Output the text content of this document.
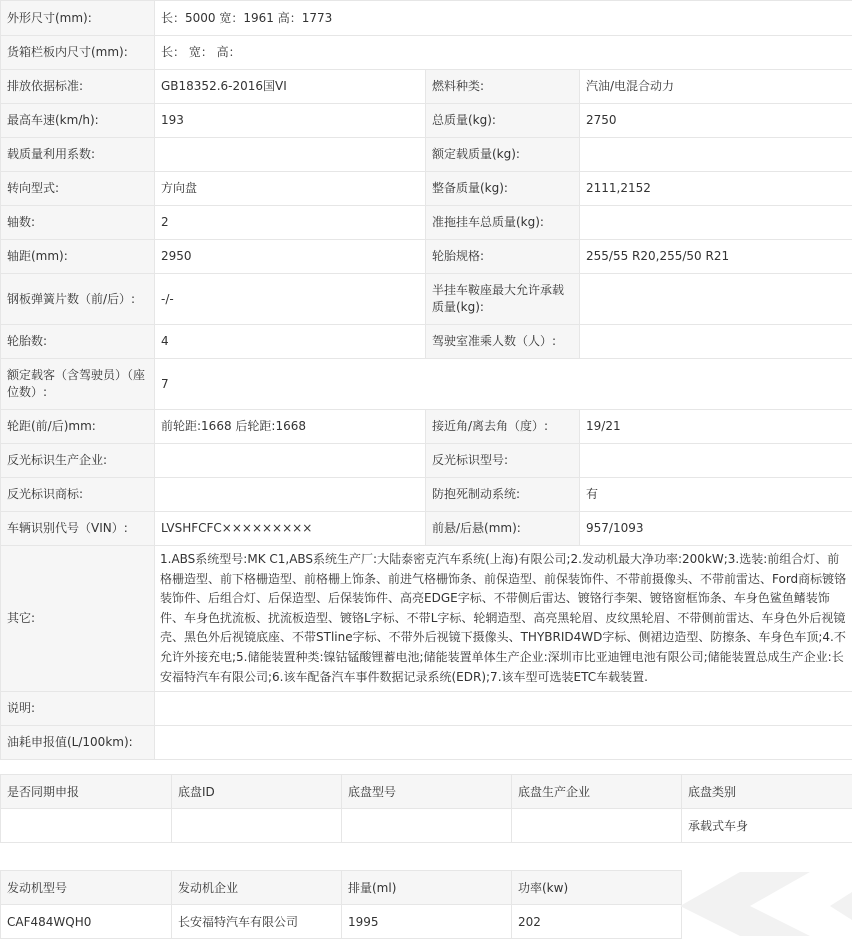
外形尺寸(mm):	长：5000 宽：1961 高：1773		
货箱栏板内尺寸(mm):	长： 宽： 高：		
排放依据标准:	GB18352.6-2016国VI	燃料种类:	汽油/电混合动力
最高车速(km/h):	193	总质量(kg):	2750
载质量利用系数:		额定载质量(kg):	
转向型式:	方向盘	整备质量(kg):	2111,2152
轴数:	2	准拖挂车总质量(kg):	
轴距(mm):	2950	轮胎规格:	255/55 R20,255/50 R21
钢板弹簧片数（前/后）:	-/-	半挂车鞍座最大允许承载质量(kg):	
轮胎数:	4	驾驶室准乘人数（人）:	
额定载客（含驾驶员）（座位数）:	7		
轮距(前/后)mm:	前轮距:1668 后轮距:1668	接近角/离去角（度）:	19/21
反光标识生产企业:		反光标识型号:	
反光标识商标:		防抱死制动系统:	有
车辆识别代号（VIN）:	LVSHFCFC×××××××××	前悬/后悬(mm):	957/1093
其它:	1.ABS系统型号:MK C1,ABS系统生产厂:大陆泰密克汽车系统(上海)有限公司;2.发动机最大净功率:200kW;3.选装:前组合灯、前格栅造型、前下格栅造型、前格栅上饰条、前进气格栅饰条、前保造型、前保装饰件、不带前摄像头、不带前雷达、Ford商标镀铬装饰件、后组合灯、后保造型、后保装饰件、高亮EDGE字标、不带侧后雷达、镀铬行李架、镀铬窗框饰条、车身色鲨鱼鳍装饰件、车身色扰流板、扰流板造型、镀铬L字标、不带L字标、轮辋造型、高亮黑轮眉、皮纹黑轮眉、不带侧前雷达、车身色外后视镜壳、黑色外后视镜底座、不带STline字标、不带外后视镜下摄像头、THYBRID4WD字标、侧裙边造型、防擦条、车身色车顶;4.不允许外接充电;5.储能装置种类:镍钴锰酸锂蓄电池;储能装置单体生产企业:深圳市比亚迪锂电池有限公司;储能装置总成生产企业:长安福特汽车有限公司;6.该车配备汽车事件数据记录系统(EDR);7.该车型可选装ETC车载装置.		
说明:			
油耗申报值(L/100km):			
是否同期申报	底盘ID	底盘型号	底盘生产企业	底盘类别
				承载式车身
发动机型号	发动机企业	排量(ml)	功率(kw)	
CAF484WQH0	长安福特汽车有限公司	1995	202	
